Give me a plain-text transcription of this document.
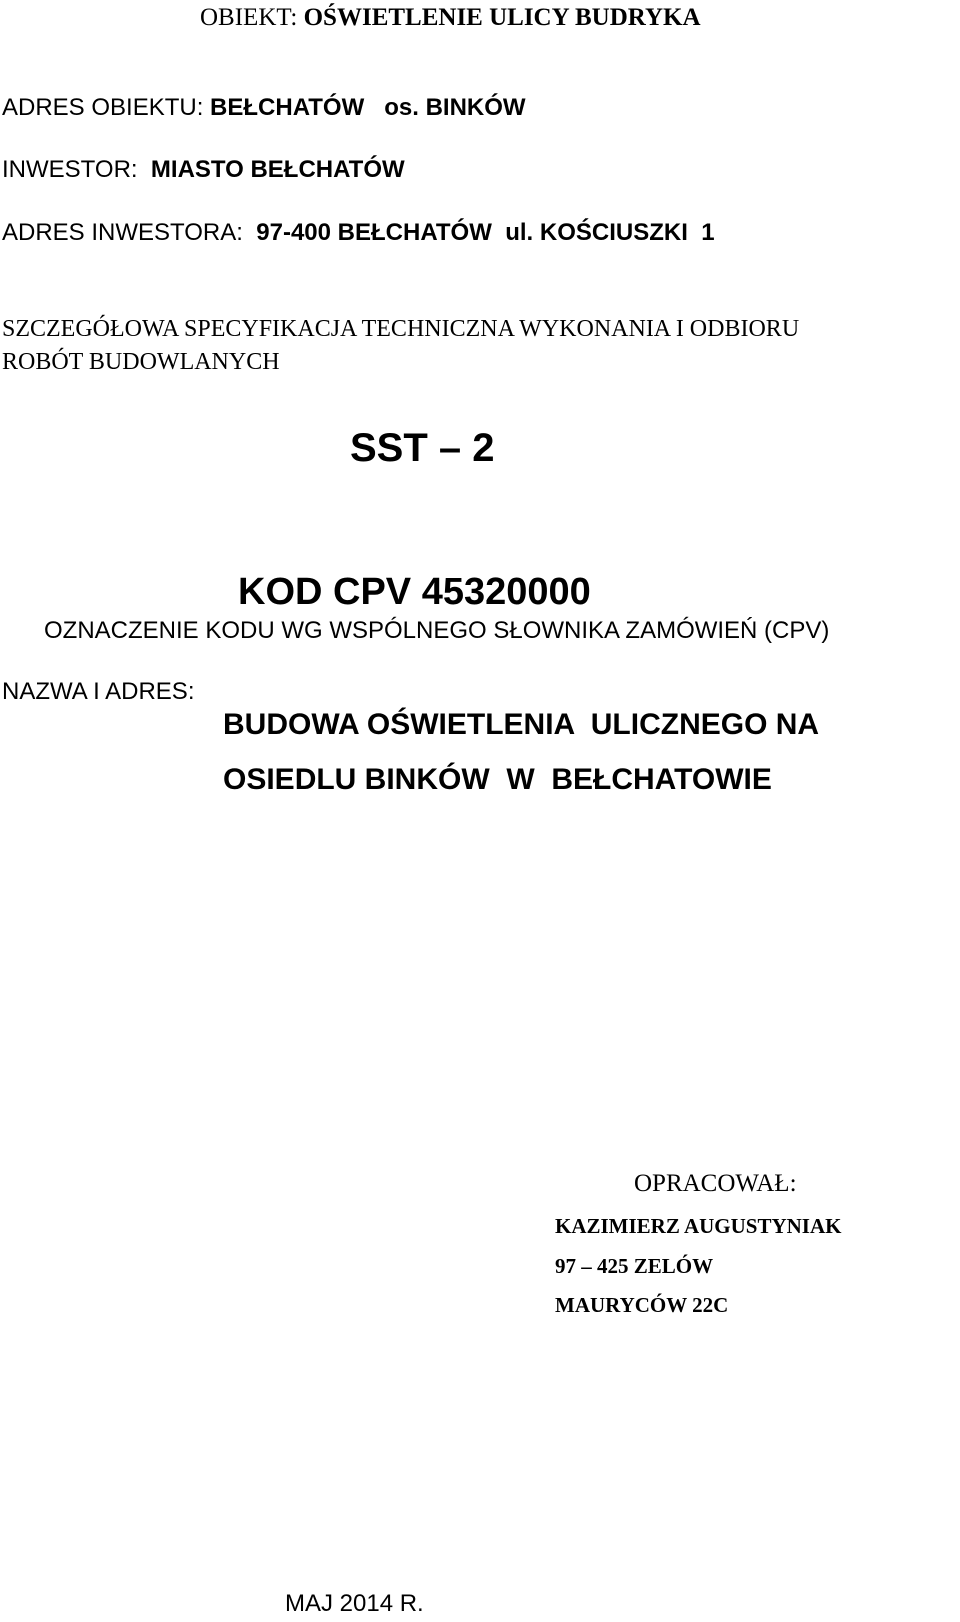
OBIEKT: OŚWIETLENIE ULICY BUDRYKA
ADRES OBIEKTU: BEŁCHATÓW   os. BINKÓW
INWESTOR:  MIASTO BEŁCHATÓW
ADRES INWESTORA:  97-400 BEŁCHATÓW  ul. KOŚCIUSZKI  1
SZCZEGÓŁOWA SPECYFIKACJA TECHNICZNA WYKONANIA I ODBIORU
ROBÓT BUDOWLANYCH
SST – 2
KOD CPV 45320000
OZNACZENIE KODU WG WSPÓLNEGO SŁOWNIKA ZAMÓWIEŃ (CPV)
NAZWA I ADRES:
BUDOWA OŚWIETLENIA  ULICZNEGO NA
OSIEDLU BINKÓW  W  BEŁCHATOWIE
OPRACOWAŁ:
KAZIMIERZ AUGUSTYNIAK
97 – 425 ZELÓW
MAURYCÓW 22C
MAJ 2014 R.
